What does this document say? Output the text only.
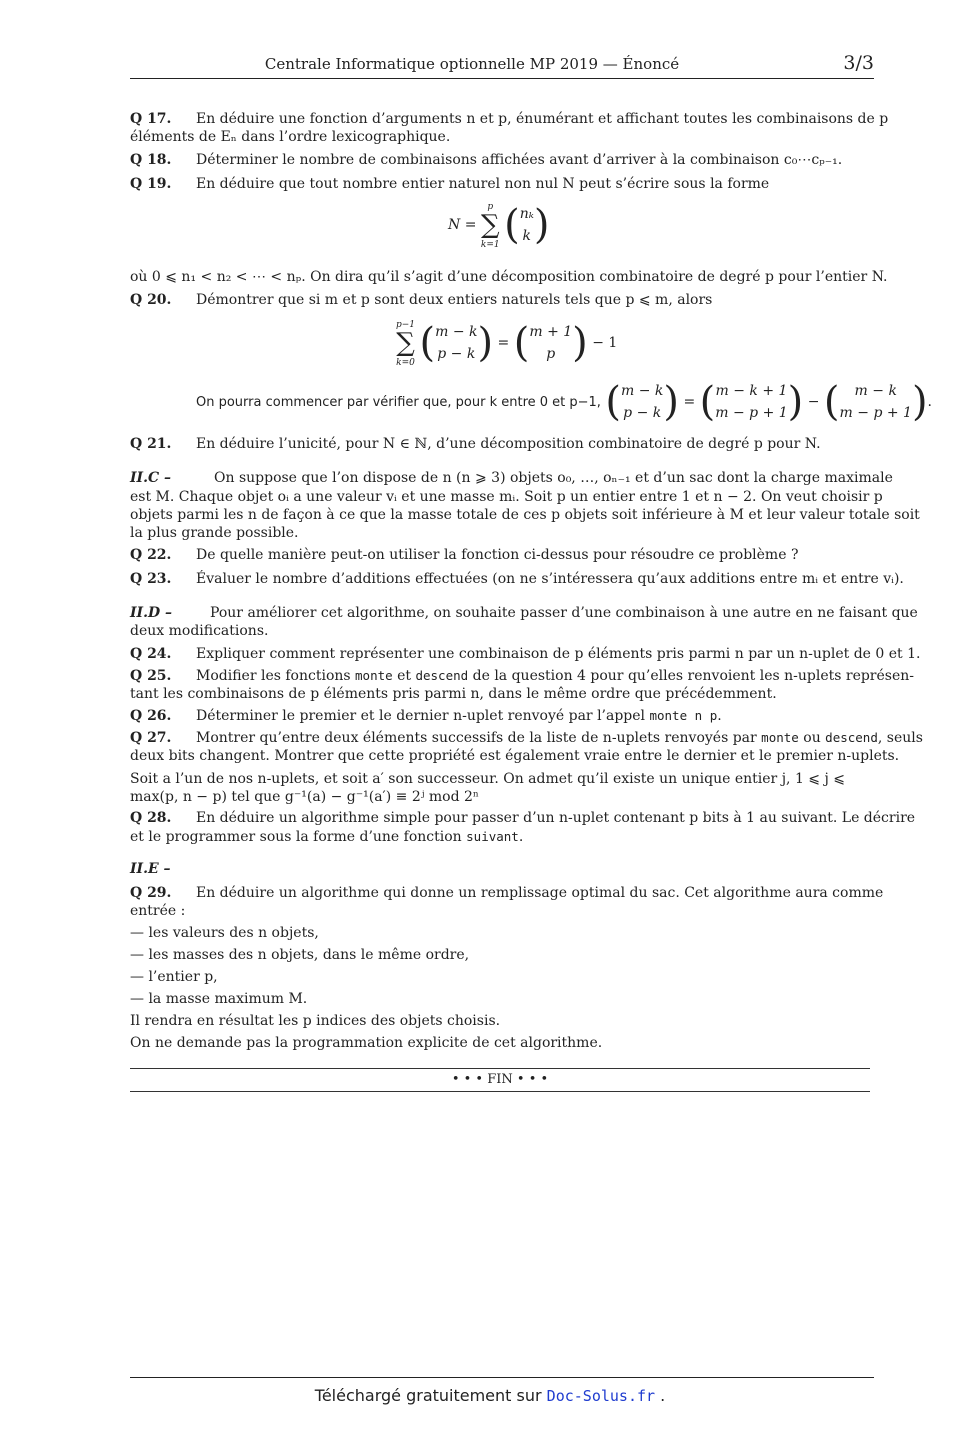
Centrale Informatique optionnelle MP 2019 — Énoncé	3/3
Q 17. En déduire une fonction d’arguments n et p, énumérant et affichant toutes les combinaisons de p
éléments de Eₙ dans l’ordre lexicographique.
Q 18. Déterminer le nombre de combinaisons affichées avant d’arriver à la combinaison c₀⋯cₚ₋₁.
Q 19. En déduire que tout nombre entier naturel non nul N peut s’écrire sous la forme
N = p
∑
k=1 (nₖ
k)
où 0 ⩽ n₁ < n₂ < ⋯ < nₚ. On dira qu’il s’agit d’une décomposition combinatoire de degré p pour l’entier N.
Q 20. Démontrer que si m et p sont deux entiers naturels tels que p ⩽ m, alors
p−1
∑
k=0 (m − k
p − k) = (m + 1
p ) − 1
On pourra commencer par vérifier que, pour k entre 0 et p−1, (m − k
p − k) = (m − k + 1
m − p + 1) − ( m − k
m − p + 1).
Q 21. En déduire l’unicité, pour N ∈ ℕ, d’une décomposition combinatoire de degré p pour N.
II.C –	On suppose que l’on dispose de n (n ⩾ 3) objets o₀, …, oₙ₋₁ et d’un sac dont la charge maximale
est M. Chaque objet oᵢ a une valeur vᵢ et une masse mᵢ. Soit p un entier entre 1 et n − 2. On veut choisir p
objets parmi les n de façon à ce que la masse totale de ces p objets soit inférieure à M et leur valeur totale soit
la plus grande possible.
Q 22. De quelle manière peut-on utiliser la fonction ci-dessus pour résoudre ce problème ?
Q 23. Évaluer le nombre d’additions effectuées (on ne s’intéressera qu’aux additions entre mᵢ et entre vᵢ).
II.D –	Pour améliorer cet algorithme, on souhaite passer d’une combinaison à une autre en ne faisant que
deux modifications.
Q 24. Expliquer comment représenter une combinaison de p éléments pris parmi n par un n-uplet de 0 et 1.
Q 25. Modifier les fonctions monte et descend de la question 4 pour qu’elles renvoient les n-uplets représen-
tant les combinaisons de p éléments pris parmi n, dans le même ordre que précédemment.
Q 26. Déterminer le premier et le dernier n-uplet renvoyé par l’appel monte n p.
Q 27. Montrer qu’entre deux éléments successifs de la liste de n-uplets renvoyés par monte ou descend, seuls
deux bits changent. Montrer que cette propriété est également vraie entre le dernier et le premier n-uplets.
Soit a l’un de nos n-uplets, et soit a′ son successeur. On admet qu’il existe un unique entier j, 1 ⩽ j ⩽
max(p, n − p) tel que g⁻¹(a) − g⁻¹(a′) ≡ 2ʲ mod 2ⁿ
Q 28. En déduire un algorithme simple pour passer d’un n-uplet contenant p bits à 1 au suivant. Le décrire
et le programmer sous la forme d’une fonction suivant.
II.E –
Q 29. En déduire un algorithme qui donne un remplissage optimal du sac. Cet algorithme aura comme
entrée :
— les valeurs des n objets,
— les masses des n objets, dans le même ordre,
— l’entier p,
— la masse maximum M.
Il rendra en résultat les p indices des objets choisis.
On ne demande pas la programmation explicite de cet algorithme.
• • • FIN • • •
Téléchargé gratuitement sur Doc-Solus.fr .
